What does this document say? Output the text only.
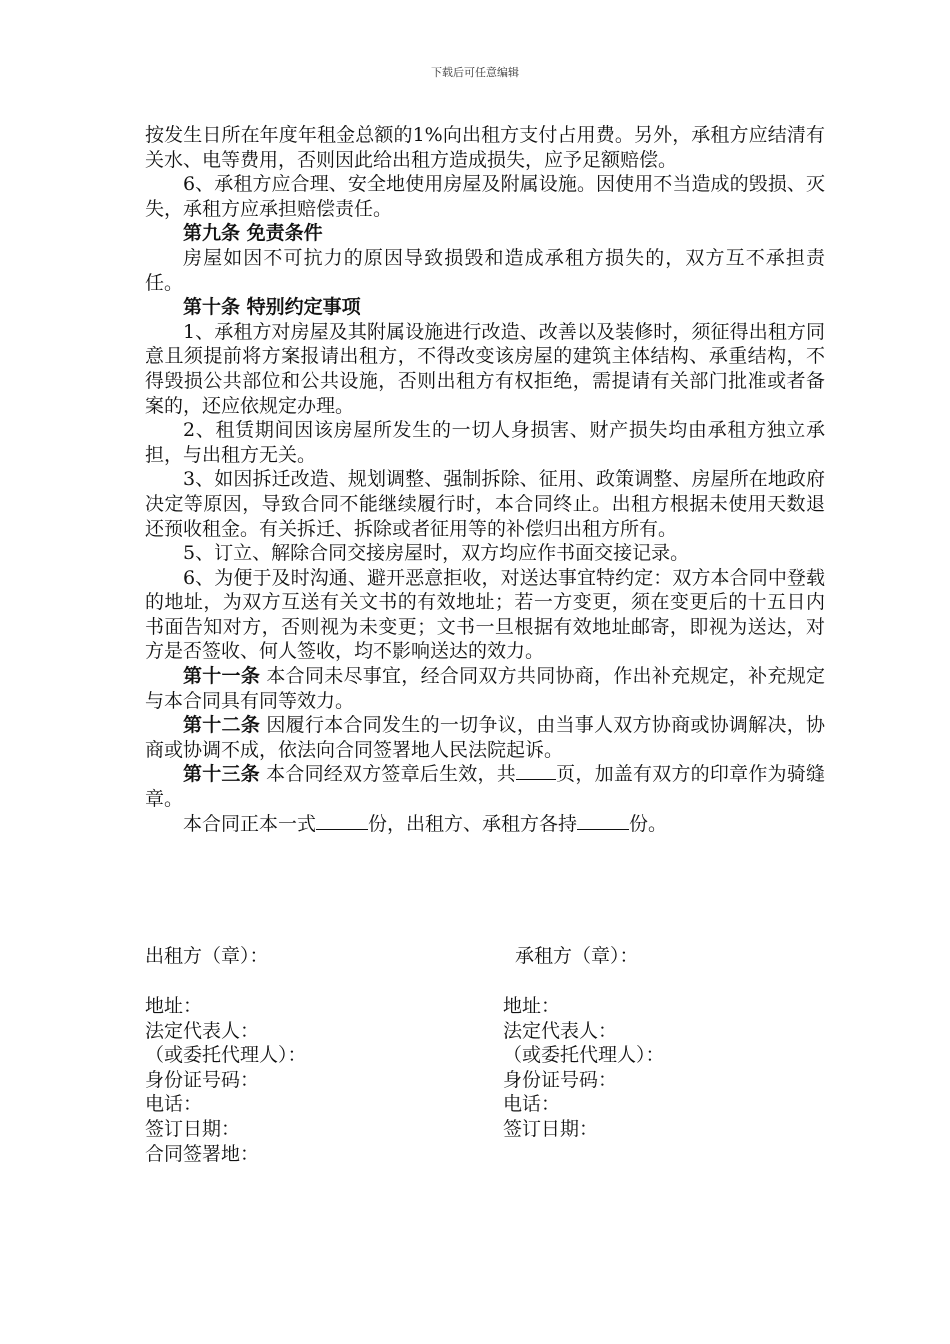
下载后可任意编辑

按发生日所在年度年租金总额的1%向出租方支付占用费。另外，承租方应结清有关水、电等费用，否则因此给出租方造成损失，应予足额赔偿。

6、承租方应合理、安全地使用房屋及附属设施。因使用不当造成的毁损、灭失，承租方应承担赔偿责任。

第九条 免责条件

房屋如因不可抗力的原因导致损毁和造成承租方损失的，双方互不承担责任。

第十条 特别约定事项

1、承租方对房屋及其附属设施进行改造、改善以及装修时，须征得出租方同意且须提前将方案报请出租方，不得改变该房屋的建筑主体结构、承重结构，不得毁损公共部位和公共设施，否则出租方有权拒绝，需提请有关部门批准或者备案的，还应依规定办理。

2、租赁期间因该房屋所发生的一切人身损害、财产损失均由承租方独立承担，与出租方无关。

3、如因拆迁改造、规划调整、强制拆除、征用、政策调整、房屋所在地政府决定等原因，导致合同不能继续履行时，本合同终止。出租方根据未使用天数退还预收租金。有关拆迁、拆除或者征用等的补偿归出租方所有。

5、订立、解除合同交接房屋时，双方均应作书面交接记录。

6、为便于及时沟通、避开恶意拒收，对送达事宜特约定：双方本合同中登载的地址，为双方互送有关文书的有效地址；若一方变更，须在变更后的十五日内书面告知对方，否则视为未变更；文书一旦根据有效地址邮寄，即视为送达，对方是否签收、何人签收，均不影响送达的效力。

第十一条 本合同未尽事宜，经合同双方共同协商，作出补充规定，补充规定与本合同具有同等效力。

第十二条 因履行本合同发生的一切争议，由当事人双方协商或协调解决，协商或协调不成，依法向合同签署地人民法院起诉。

第十三条 本合同经双方签章后生效，共 页，加盖有双方的印章作为骑缝章。

本合同正本一式	份，出租方、承租方各持	份。

出租方（章）：	承租方（章）：
地址：	地址：
法定代表人：	法定代表人：
（或委托代理人）：	（或委托代理人）：
身份证号码：	身份证号码：
电话：	电话：
签订日期：	签订日期：
合同签署地：
